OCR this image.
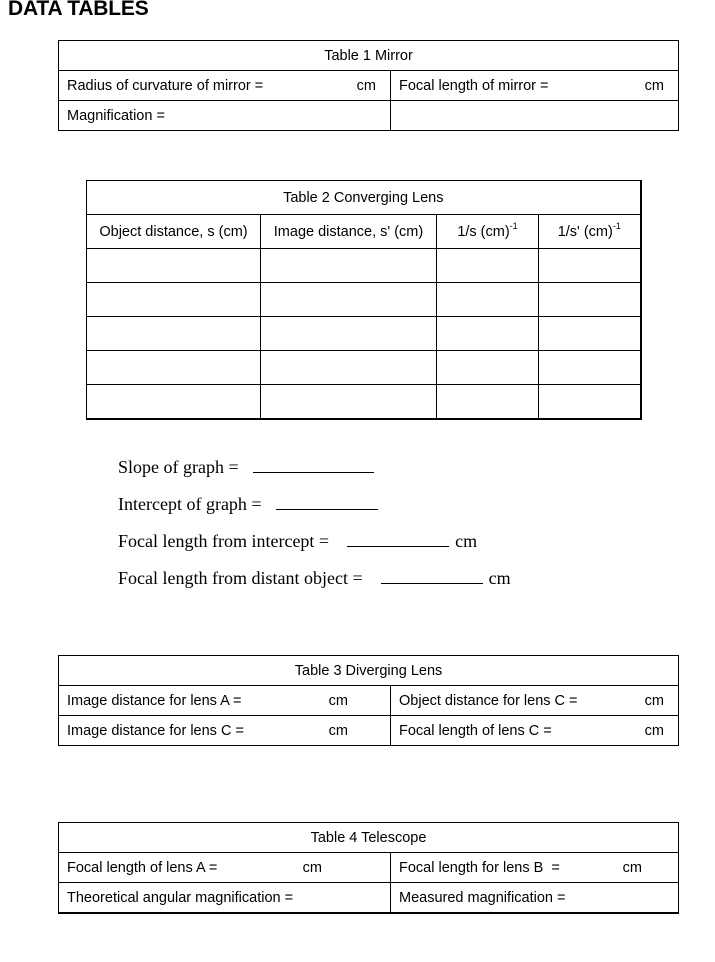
DATA TABLES
Table 1 Mirror	

Radius of curvature of mirror = cm	Focal length of mirror = cm

Magnification =	
Table 2 Converging Lens			
Object distance, s (cm)	Image distance, s' (cm)	1/s (cm)$^{-1}$	1/s' (cm)$^{-1}$

Slope of graph =
Intercept of graph =
Focal length from intercept =	cm
Focal length from distant object =	cm
Table 3 Diverging Lens	

Image distance for lens A = cm	Object distance for lens C = cm

Image distance for lens C = cm	Focal length of lens C = cm
Table 4 Telescope	

Focal length of lens A = cm	Focal length for lens B  = cm

Theoretical angular magnification =	Measured magnification =
